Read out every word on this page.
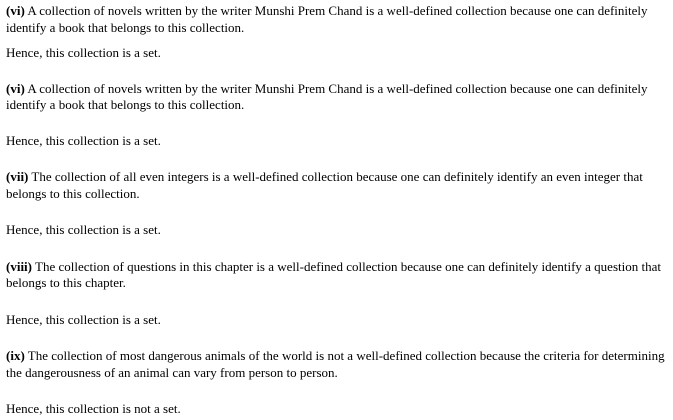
(vi) A collection of novels written by the writer Munshi Prem Chand is a well-defined collection because one can definitely identify a book that belongs to this collection.

Hence, this collection is a set.

(vi) A collection of novels written by the writer Munshi Prem Chand is a well-defined collection because one can definitely identify a book that belongs to this collection.

Hence, this collection is a set.

(vii) The collection of all even integers is a well-defined collection because one can definitely identify an even integer that belongs to this collection.

Hence, this collection is a set.

(viii) The collection of questions in this chapter is a well-defined collection because one can definitely identify a question that belongs to this chapter.

Hence, this collection is a set.

(ix) The collection of most dangerous animals of the world is not a well-defined collection because the criteria for determining the dangerousness of an animal can vary from person to person.

Hence, this collection is not a set.
